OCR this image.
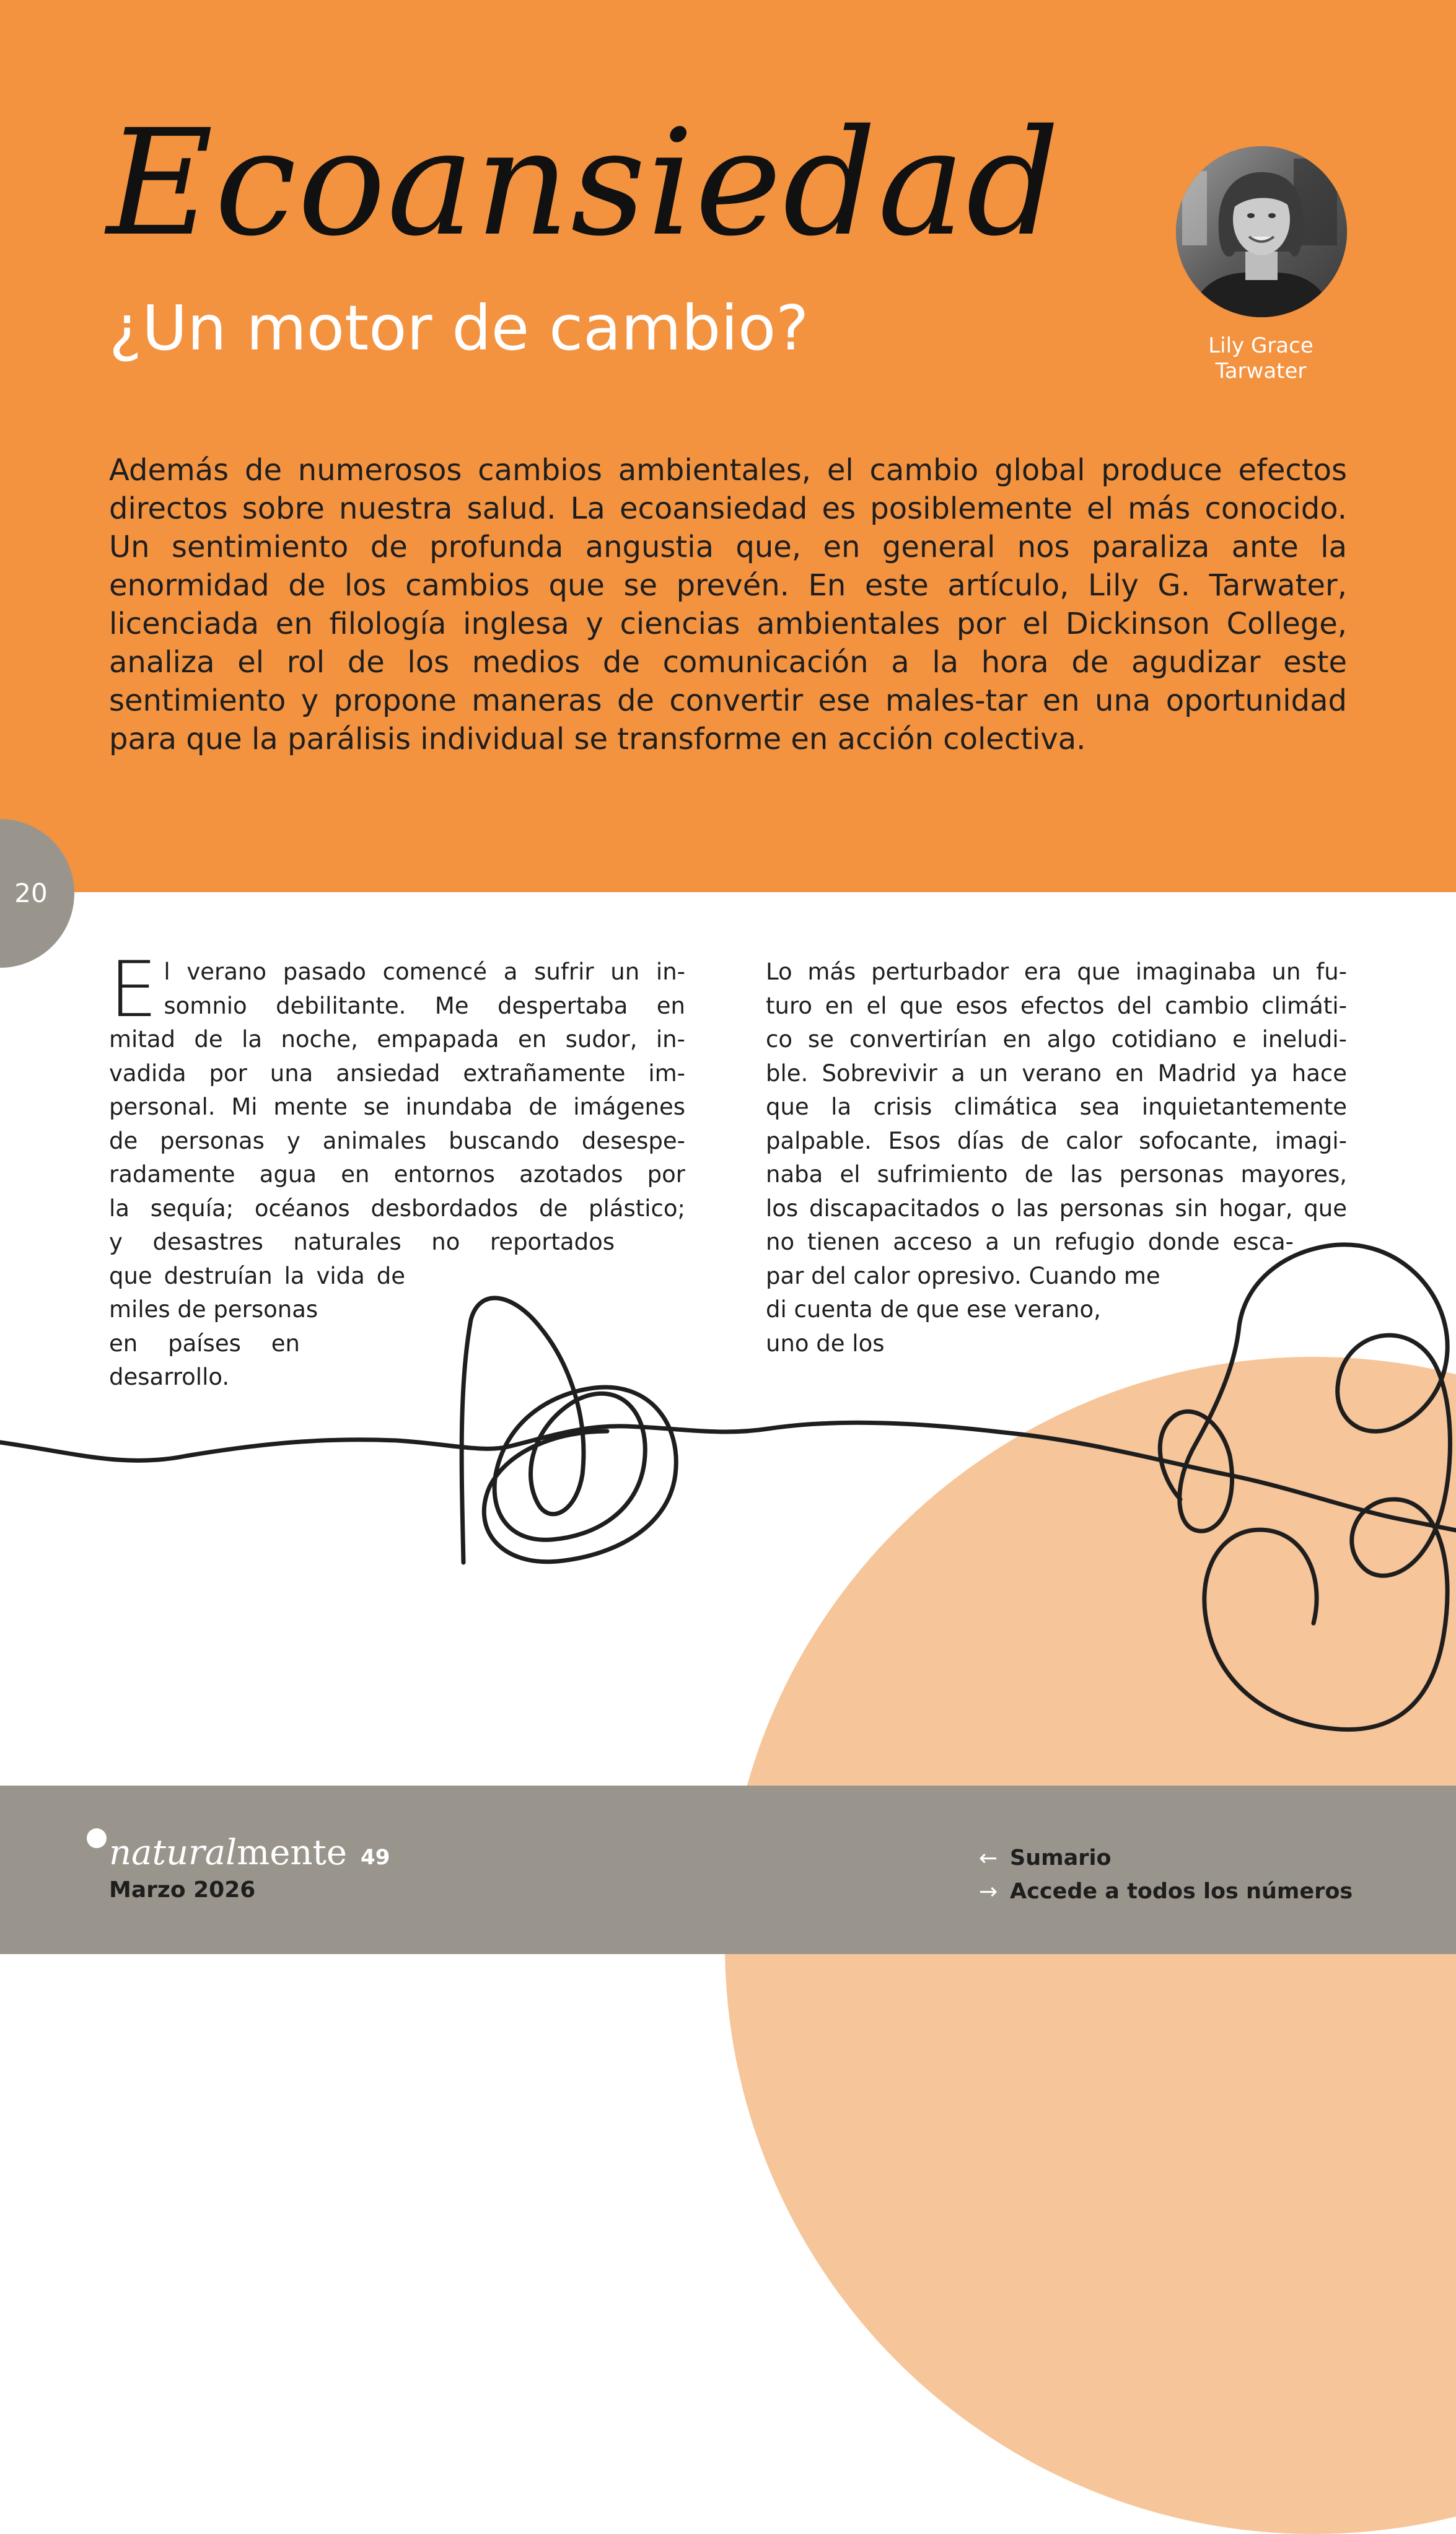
Ecoansiedad
¿Un motor de cambio?	Lily Grace
Tarwater

Además de numerosos cambios ambientales, el cambio global produce efectos directos sobre nuestra salud. La ecoansiedad es posiblemente el más conocido. Un sentimiento de profunda angustia que, en general nos paraliza ante la enormidad de los cambios que se prevén. En este artículo, Lily G. Tarwater, licenciada en filología inglesa y ciencias ambientales por el Dickinson College, analiza el rol de los medios de comunicación a la hora de agudizar este sentimiento y propone maneras de convertir ese males-tar en una oportunidad para que la parálisis individual se transforme en acción colectiva.

20
E l verano pasado comencé a sufrir un in-
somnio debilitante. Me despertaba en
mitad de la noche, empapada en sudor, in-
vadida por una ansiedad extrañamente im-
personal. Mi mente se inundaba de imágenes
de personas y animales buscando desespe-
radamente agua en entornos azotados por
la sequía; océanos desbordados de plástico;
y desastres naturales no reportados
que destruían la vida de
miles de personas
en países en
desarrollo.
Lo más perturbador era que imaginaba un fu-
turo en el que esos efectos del cambio climáti-
co se convertirían en algo cotidiano e ineludi-
ble. Sobrevivir a un verano en Madrid ya hace
que la crisis climática sea inquietantemente
palpable. Esos días de calor sofocante, imagi-
naba el sufrimiento de las personas mayores,
los discapacitados o las personas sin hogar, que
no tienen acceso a un refugio donde esca-
par del calor opresivo. Cuando me
di cuenta de que ese verano,
uno de los
natural mente 49
Marzo 2026
← Sumario
→ Accede a todos los números
